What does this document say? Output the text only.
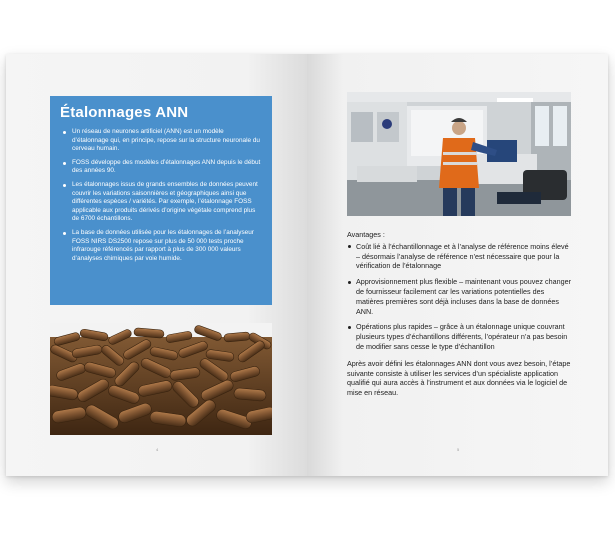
Étalonnages ANN
Un réseau de neurones artificiel (ANN) est un modèle d’étalonnage qui, en principe, repose sur la structure neuronale du cerveau humain.
FOSS développe des modèles d’étalonnages ANN depuis le début des années 90.
Les étalonnages issus de grands ensembles de données peuvent couvrir les variations saisonnières et géographiques ainsi que différentes espèces / variétés. Par exemple, l’étalonnage FOSS applicable aux produits dérivés d’origine végétale comprend plus de 6700 échantillons.
La base de données utilisée pour les étalonnages de l’analyseur FOSS NIRS DS2500 repose sur plus de 50 000 tests proche infrarouge référencés par rapport à plus de 300 000 valeurs d’analyses chimiques par voie humide.
4

Avantages :

Coût lié à l’échantillonnage et à l’analyse de référence moins élevé – désormais l’analyse de référence n’est nécessaire que pour la vérification de l’étalonnage
Approvisionnement plus flexible – maintenant vous pouvez changer de fournisseur facilement car les variations potentielles des matières premières sont déjà incluses dans la base de données ANN.
Opérations plus rapides – grâce à un étalonnage unique couvrant plusieurs types d’échantillons différents, l’opérateur n’a pas besoin de modifier sans cesse le type d’échantillon

Après avoir défini les étalonnages ANN dont vous avez besoin, l’étape suivante consiste à utiliser les services d’un spécialiste application qualifié qui aura accès à l’instrument et aux données via le logiciel de mise en réseau.

5
